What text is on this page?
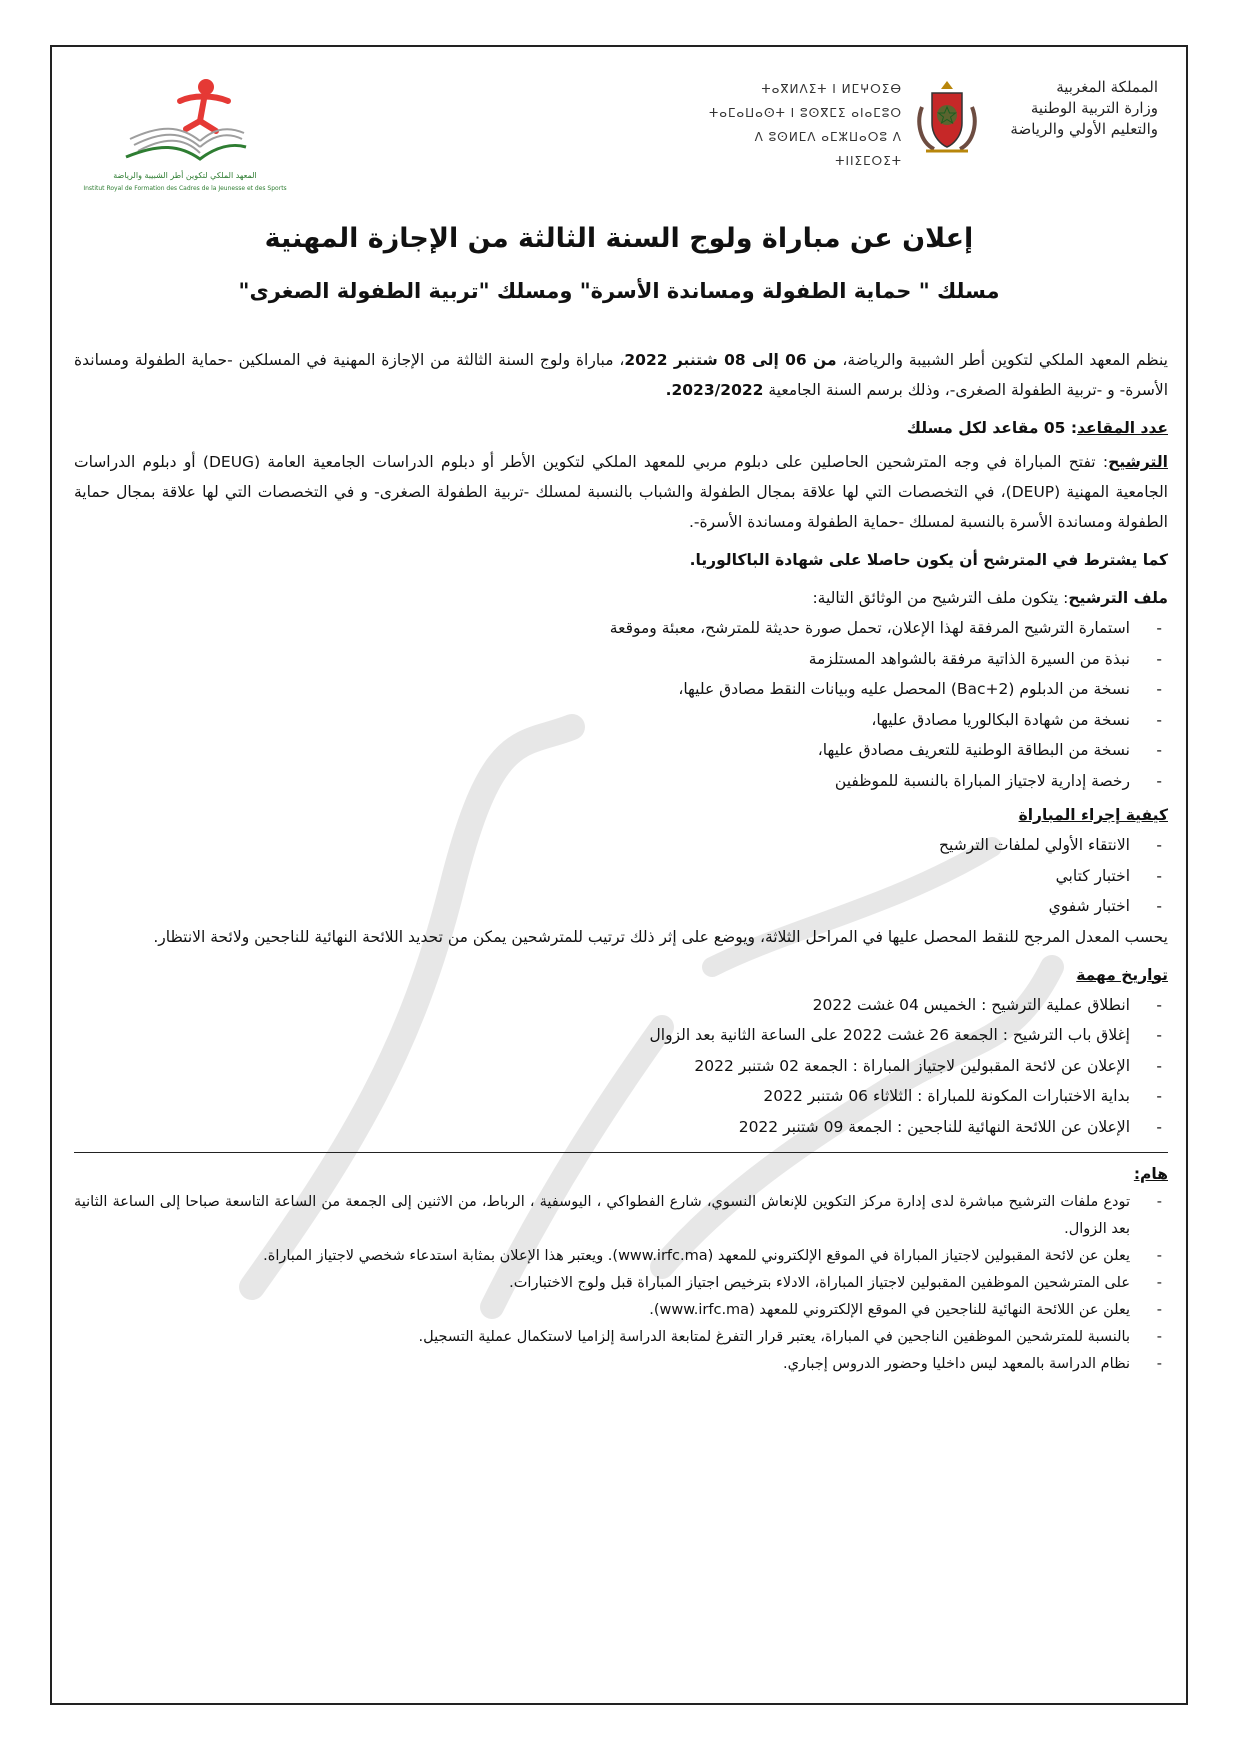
المملكة المغربية
وزارة التربية الوطنية
والتعليم الأولي والرياضة
ⵜⴰⴳⵍⴷⵉⵜ ⵏ ⵍⵎⵖⵔⵉⴱ
ⵜⴰⵎⴰⵡⴰⵙⵜ ⵏ ⵓⵙⴳⵎⵉ ⴰⵏⴰⵎⵓⵔ
ⴷ ⵓⵙⵍⵎⴷ ⴰⵎⵣⵡⴰⵔⵓ ⴷ ⵜⵏⵏⵉⵎⵔⵉⵜ
المعهد الملكي لتكوين أطر الشبيبة والرياضة
Institut Royal de Formation des Cadres de la Jeunesse et des Sports
إعلان عن مباراة ولوج السنة الثالثة من الإجازة المهنية
مسلك " حماية الطفولة ومساندة الأسرة" ومسلك "تربية الطفولة الصغرى"

ينظم المعهد الملكي لتكوين أطر الشبيبة والرياضة، من 06 إلى 08 شتنبر 2022، مباراة ولوج السنة الثالثة من الإجازة المهنية في المسلكين -حماية الطفولة ومساندة الأسرة- و -تربية الطفولة الصغرى-، وذلك برسم السنة الجامعية 2023/2022.

عدد المقاعد: 05 مقاعد لكل مسلك

الترشيح: تفتح المباراة في وجه المترشحين الحاصلين على دبلوم مربي للمعهد الملكي لتكوين الأطر أو دبلوم الدراسات الجامعية العامة (DEUG) أو دبلوم الدراسات الجامعية المهنية (DEUP)، في التخصصات التي لها علاقة بمجال الطفولة والشباب بالنسبة لمسلك -تربية الطفولة الصغرى- و في التخصصات التي لها علاقة بمجال حماية الطفولة ومساندة الأسرة بالنسبة لمسلك -حماية الطفولة ومساندة الأسرة-.

كما يشترط في المترشح أن يكون حاصلا على شهادة الباكالوريا.

ملف الترشيح: يتكون ملف الترشيح من الوثائق التالية:

- استمارة الترشيح المرفقة لهذا الإعلان، تحمل صورة حديثة للمترشح، معبئة وموقعة
- نبذة من السيرة الذاتية مرفقة بالشواهد المستلزمة
- نسخة من الدبلوم (Bac+2) المحصل عليه وبيانات النقط مصادق عليها،
- نسخة من شهادة البكالوريا مصادق عليها،
- نسخة من البطاقة الوطنية للتعريف مصادق عليها،
- رخصة إدارية لاجتياز المباراة بالنسبة للموظفين

كيفية إجراء المباراة

- الانتقاء الأولي لملفات الترشيح
- اختبار كتابي
- اختبار شفوي

يحسب المعدل المرجح للنقط المحصل عليها في المراحل الثلاثة، ويوضع على إثر ذلك ترتيب للمترشحين يمكن من تحديد اللائحة النهائية للناجحين ولائحة الانتظار.

تواريخ مهمة

- انطلاق عملية الترشيح : الخميس 04 غشت 2022
- إغلاق باب الترشيح : الجمعة 26 غشت 2022 على الساعة الثانية بعد الزوال
- الإعلان عن لائحة المقبولين لاجتياز المباراة : الجمعة 02 شتنبر 2022
- بداية الاختبارات المكونة للمباراة : الثلاثاء 06 شتنبر 2022
- الإعلان عن اللائحة النهائية للناجحين : الجمعة 09 شتنبر 2022

هام:

- تودع ملفات الترشيح مباشرة لدى إدارة مركز التكوين للإنعاش النسوي، شارع الفطواكي ، اليوسفية ، الرباط، من الاثنين إلى الجمعة من الساعة التاسعة صباحا إلى الساعة الثانية بعد الزوال.
- يعلن عن لائحة المقبولين لاجتياز المباراة في الموقع الإلكتروني للمعهد (www.irfc.ma). ويعتبر هذا الإعلان بمثابة استدعاء شخصي لاجتياز المباراة.
- على المترشحين الموظفين المقبولين لاجتياز المباراة، الادلاء بترخيص اجتياز المباراة قبل ولوج الاختبارات.
- يعلن عن اللائحة النهائية للناجحين في الموقع الإلكتروني للمعهد (www.irfc.ma).
- بالنسبة للمترشحين الموظفين الناجحين في المباراة، يعتبر قرار التفرغ لمتابعة الدراسة إلزاميا لاستكمال عملية التسجيل.
- نظام الدراسة بالمعهد ليس داخليا وحضور الدروس إجباري.
